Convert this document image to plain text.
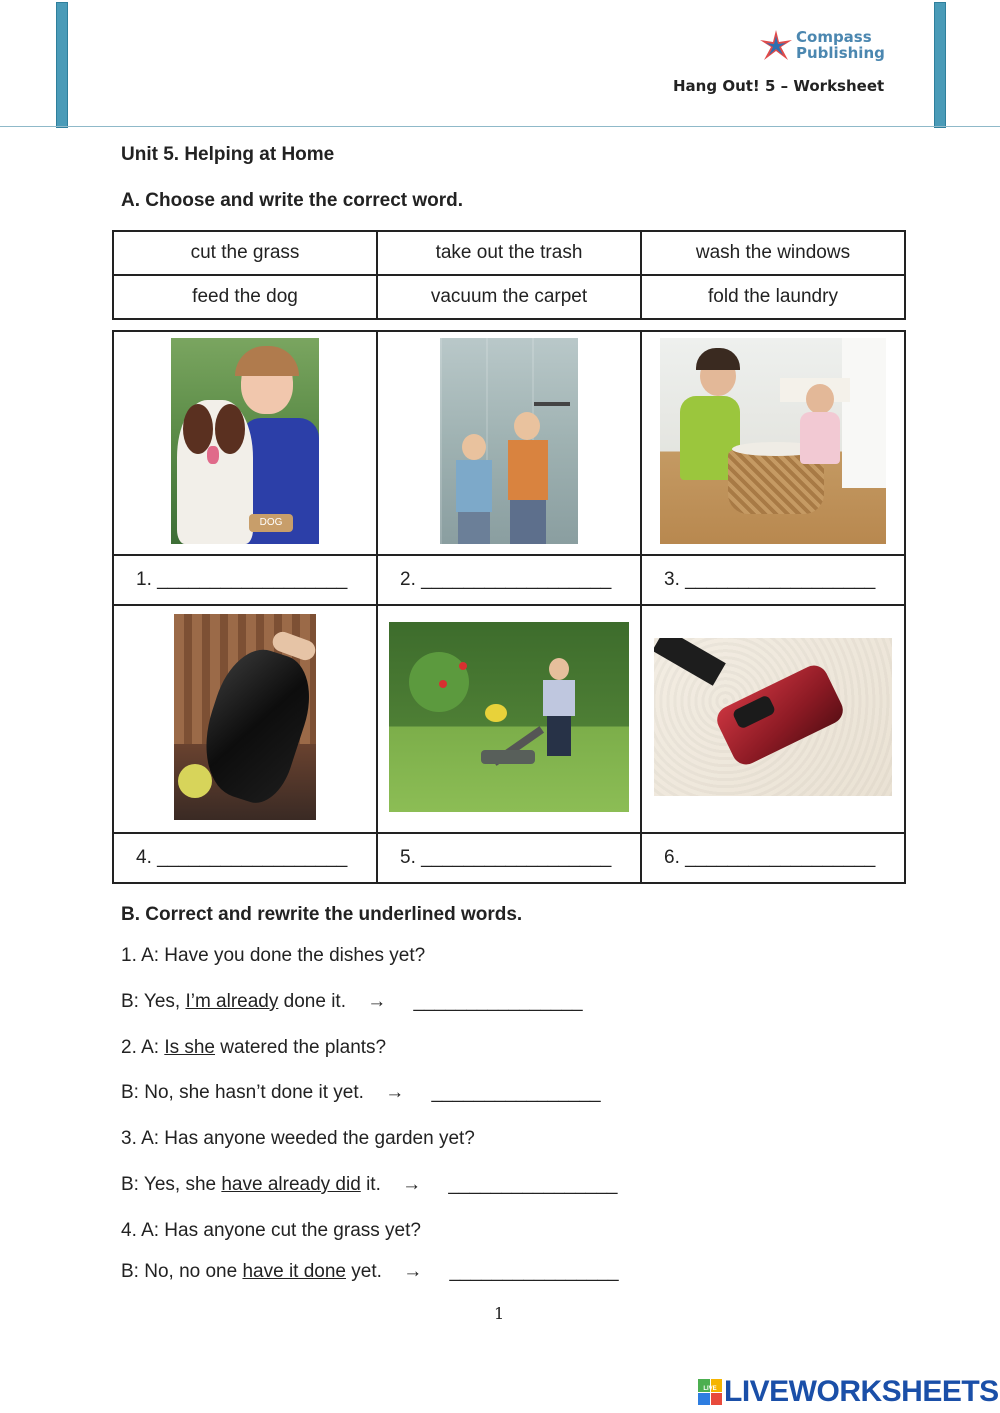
Compass
Publishing
Hang Out! 5 – Worksheet
Unit 5. Helping at Home
A. Choose and write the correct word.
cut the grass	take out the trash	wash the windows
feed the dog	vacuum the carpet	fold the laundry
DOG		

1. __________________	2. __________________	3. __________________

4. __________________	5. __________________	6. __________________
B. Correct and rewrite the underlined words.
1. A: Have you done the dishes yet?
B: Yes, I’m already done it. → ________________
2. A: Is she watered the plants?
B: No, she hasn’t done it yet. → ________________
3. A: Has anyone weeded the garden yet?
B: Yes, she have already did it. → ________________
4. A: Has anyone cut the grass yet?
B: No, no one have it done yet. → ________________
1
LIVE LIVEWORKSHEETS
